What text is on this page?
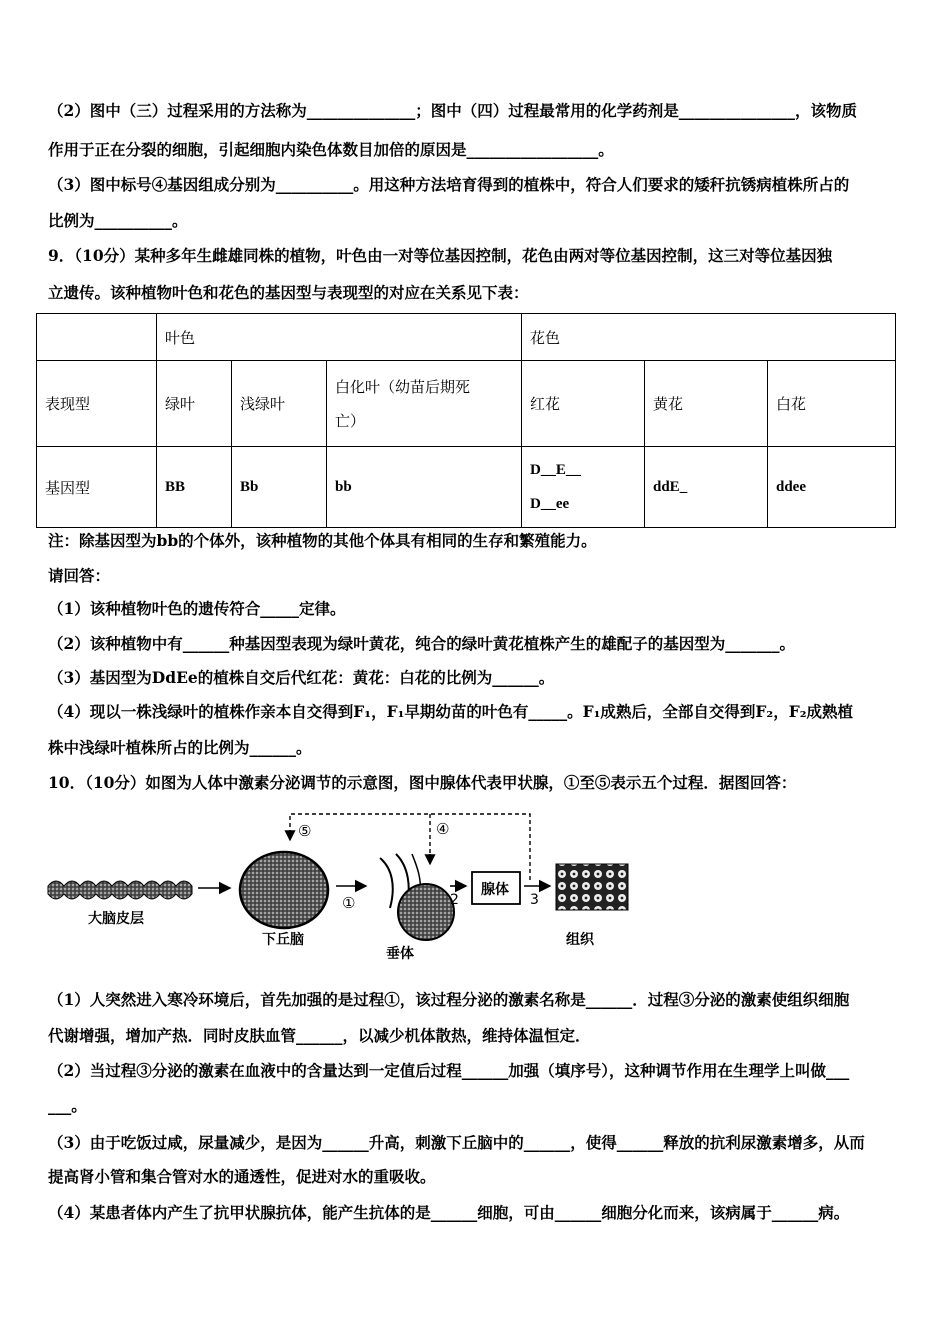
（2）图中（三）过程采用的方法称为______________；图中（四）过程最常用的化学药剂是_______________，该物质
作用于正在分裂的细胞，引起细胞内染色体数目加倍的原因是_________________。
（3）图中标号④基因组成分别为__________。用这种方法培育得到的植株中，符合人们要求的矮秆抗锈病植株所占的
比例为__________。
9．（10分）某种多年生雌雄同株的植物，叶色由一对等位基因控制，花色由两对等位基因控制，这三对等位基因独
立遗传。该种植物叶色和花色的基因型与表现型的对应在关系见下表：
	叶色			花色		
表现型	绿叶	浅绿叶	白化叶（幼苗后期死
亡）	红花	黄花	白花
基因型	BB	Bb	bb	D__E__
D__ee	ddE_	ddee
注：除基因型为bb的个体外，该种植物的其他个体具有相同的生存和繁殖能力。
请回答：
（1）该种植物叶色的遗传符合_____定律。
（2）该种植物中有______种基因型表现为绿叶黄花，纯合的绿叶黄花植株产生的雄配子的基因型为_______。
（3）基因型为DdEe的植株自交后代红花：黄花：白花的比例为______。
（4）现以一株浅绿叶的植株作亲本自交得到F₁，F₁早期幼苗的叶色有_____。F₁成熟后，全部自交得到F₂，F₂成熟植
株中浅绿叶植株所占的比例为______。
10．（10分）如图为人体中激素分泌调节的示意图，图中腺体代表甲状腺，①至⑤表示五个过程．据图回答：
⑤	④
大脑皮层
下丘脑
①
垂体
2
腺体
3
组织
（1）人突然进入寒冷环境后，首先加强的是过程①，该过程分泌的激素名称是______．过程③分泌的激素使组织细胞
代谢增强，增加产热．同时皮肤血管______，以减少机体散热，维持体温恒定．
（2）当过程③分泌的激素在血液中的含量达到一定值后过程______加强（填序号），这种调节作用在生理学上叫做___
___。
（3）由于吃饭过咸，尿量减少，是因为______升高，刺激下丘脑中的______，使得______释放的抗利尿激素增多，从而
提高肾小管和集合管对水的通透性，促进对水的重吸收。
（4）某患者体内产生了抗甲状腺抗体，能产生抗体的是______细胞，可由______细胞分化而来，该病属于______病。
